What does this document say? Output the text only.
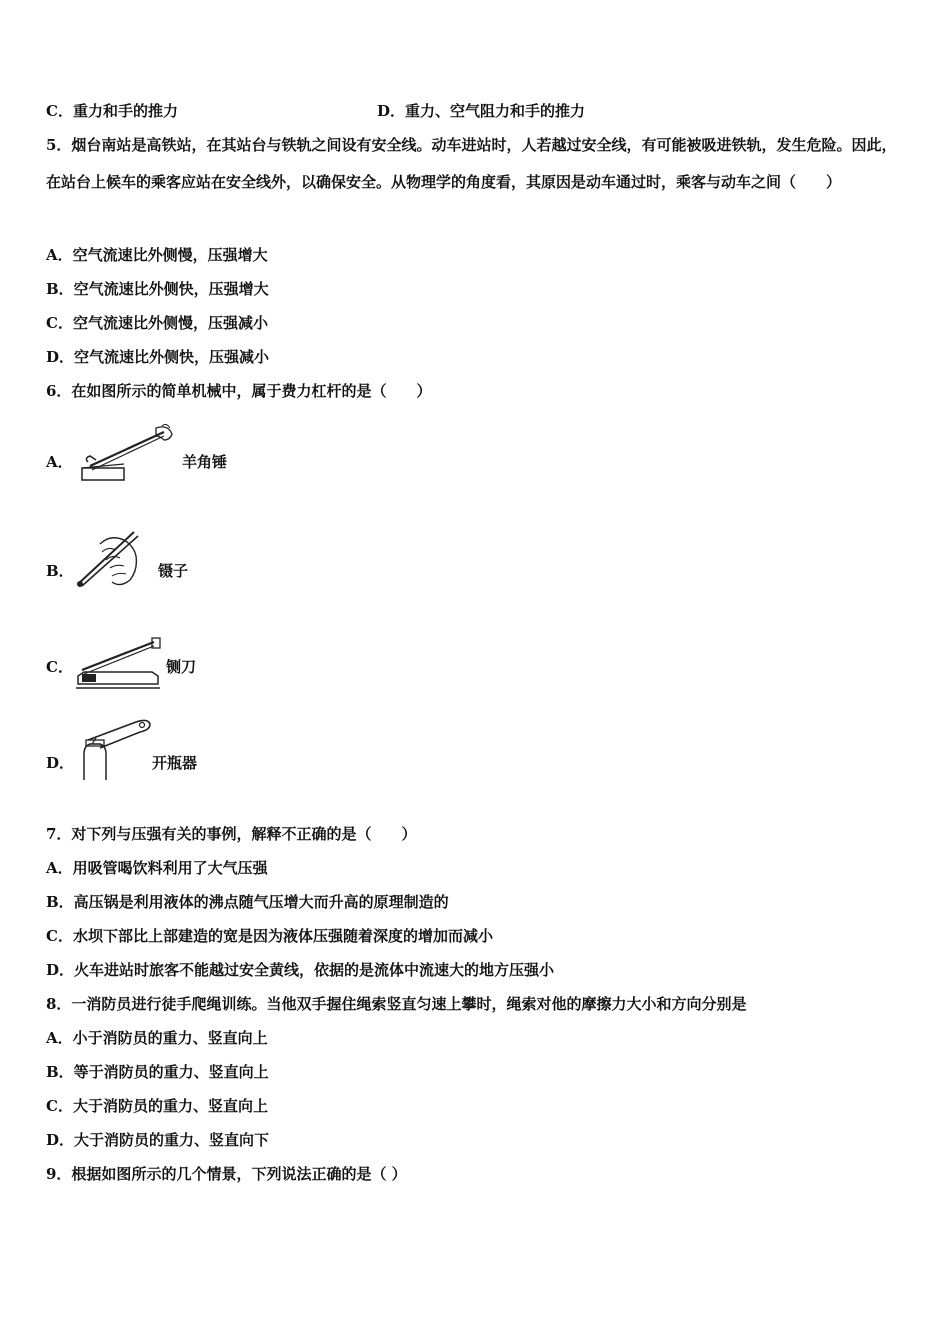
C．重力和手的推力	D．重力、空气阻力和手的推力
5．烟台南站是高铁站，在其站台与铁轨之间设有安全线。动车进站时，人若越过安全线，有可能被吸进铁轨，发生危险。因此，在站台上候车的乘客应站在安全线外，以确保安全。从物理学的角度看，其原因是动车通过时，乘客与动车之间（　　）
A．空气流速比外侧慢，压强增大
B．空气流速比外侧快，压强增大
C．空气流速比外侧慢，压强减小
D．空气流速比外侧快，压强减小
6．在如图所示的简单机械中，属于费力杠杆的是（　　）
A．	羊角锤
B．	镊子
C．	铡刀
D．	开瓶器
7．对下列与压强有关的事例，解释不正确的是（　　）
A．用吸管喝饮料利用了大气压强
B．高压锅是利用液体的沸点随气压增大而升高的原理制造的
C．水坝下部比上部建造的宽是因为液体压强随着深度的增加而减小
D．火车进站时旅客不能越过安全黄线，依据的是流体中流速大的地方压强小
8．一消防员进行徒手爬绳训练。当他双手握住绳索竖直匀速上攀时，绳索对他的摩擦力大小和方向分别是
A．小于消防员的重力、竖直向上
B．等于消防员的重力、竖直向上
C．大于消防员的重力、竖直向上
D．大于消防员的重力、竖直向下
9．根据如图所示的几个情景，下列说法正确的是（ ）
